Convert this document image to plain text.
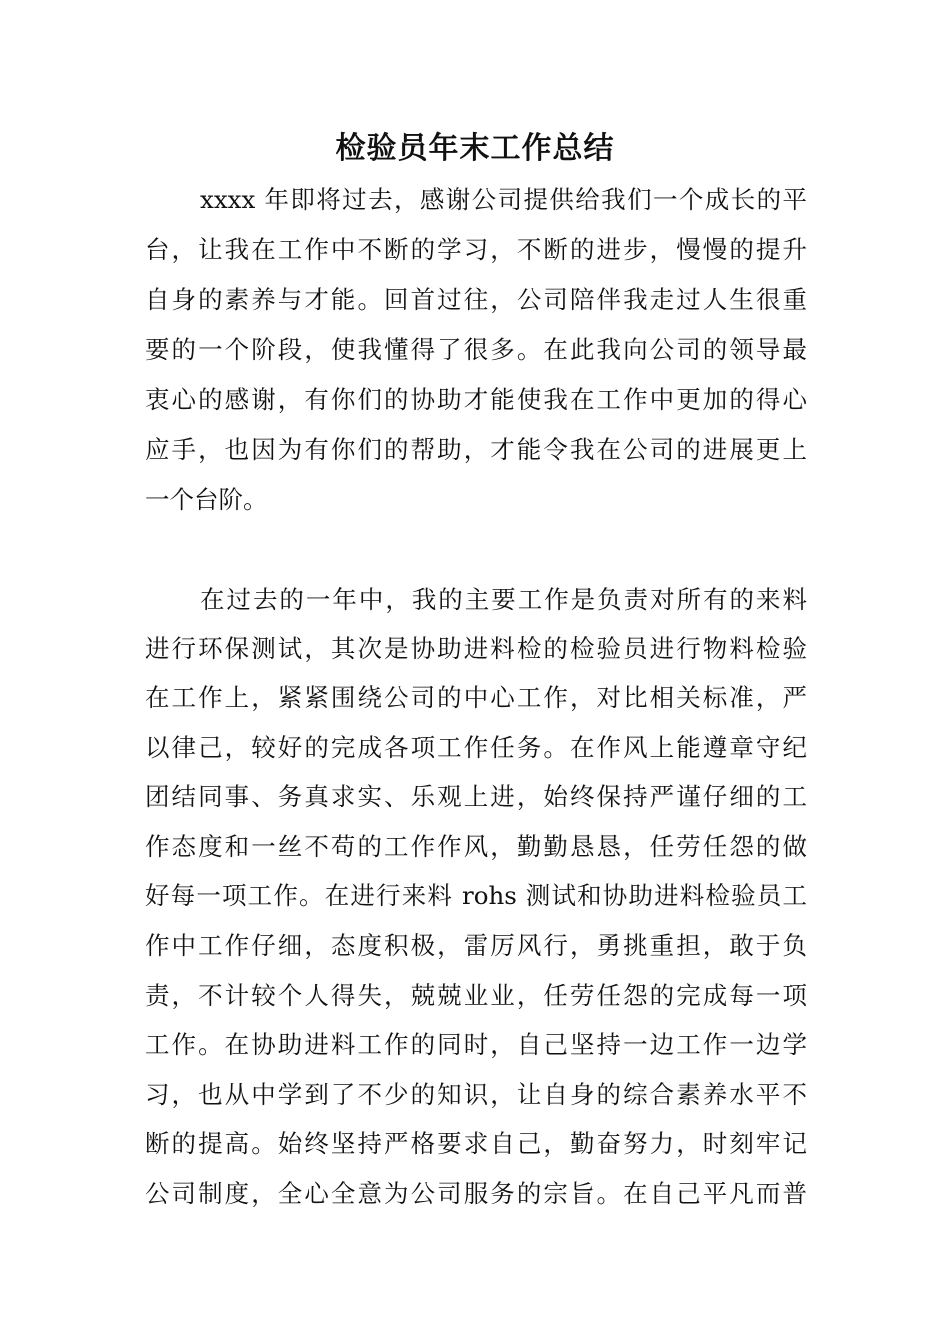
检验员年末工作总结
xxxx 年即将过去，感谢公司提供给我们一个成长的平
台，让我在工作中不断的学习，不断的进步，慢慢的提升
自身的素养与才能。回首过往，公司陪伴我走过人生很重
要的一个阶段，使我懂得了很多。在此我向公司的领导最
衷心的感谢，有你们的协助才能使我在工作中更加的得心
应手，也因为有你们的帮助，才能令我在公司的进展更上
一个台阶。
在过去的一年中，我的主要工作是负责对所有的来料
进行环保测试，其次是协助进料检的检验员进行物料检验
在工作上，紧紧围绕公司的中心工作，对比相关标准，严
以律己，较好的完成各项工作任务。在作风上能遵章守纪
团结同事、务真求实、乐观上进，始终保持严谨仔细的工
作态度和一丝不苟的工作作风，勤勤恳恳，任劳任怨的做
好每一项工作。在进行来料 rohs 测试和协助进料检验员工
作中工作仔细，态度积极，雷厉风行，勇挑重担，敢于负
责，不计较个人得失，兢兢业业，任劳任怨的完成每一项
工作。在协助进料工作的同时，自己坚持一边工作一边学
习，也从中学到了不少的知识，让自身的综合素养水平不
断的提高。始终坚持严格要求自己，勤奋努力，时刻牢记
公司制度，全心全意为公司服务的宗旨。在自己平凡而普
